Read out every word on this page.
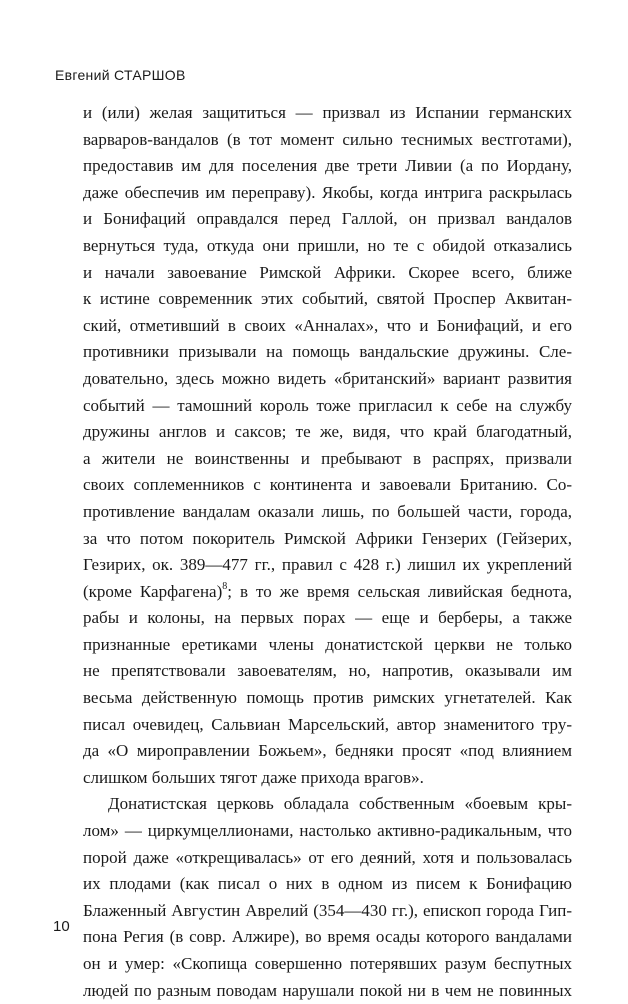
Евгений СТАРШОВ
и (или) желая защититься — призвал из Испании германских
варваров-вандалов (в тот момент сильно теснимых вестготами),
предоставив им для поселения две трети Ливии (а по Иордану,
даже обеспечив им переправу). Якобы, когда интрига раскрылась
и Бонифаций оправдался перед Галлой, он призвал вандалов
вернуться туда, откуда они пришли, но те с обидой отказались
и начали завоевание Римской Африки. Скорее всего, ближе
к истине современник этих событий, святой Проспер Аквитан-
ский, отметивший в своих «Анналах», что и Бонифаций, и его
противники призывали на помощь вандальские дружины. Сле-
довательно, здесь можно видеть «британский» вариант развития
событий — тамошний король тоже пригласил к себе на службу
дружины англов и саксов; те же, видя, что край благодатный,
а жители не воинственны и пребывают в распрях, призвали
своих соплеменников с континента и завоевали Британию. Со-
противление вандалам оказали лишь, по большей части, города,
за что потом покоритель Римской Африки Гензерих (Гейзерих,
Гезирих, ок. 389—477 гг., правил с 428 г.) лишил их укреплений
(кроме Карфагена)$^8$; в то же время сельская ливийская беднота,
рабы и колоны, на первых порах — еще и берберы, а также
признанные еретиками члены донатистской церкви не только
не препятствовали завоевателям, но, напротив, оказывали им
весьма действенную помощь против римских угнетателей. Как
писал очевидец, Сальвиан Марсельский, автор знаменитого тру-
да «О мироправлении Божьем», бедняки просят «под влиянием
слишком больших тягот даже прихода врагов».
Донатистская церковь обладала собственным «боевым кры-
лом» — циркумцеллионами, настолько активно-радикальным, что
порой даже «открещивалась» от его деяний, хотя и пользовалась
их плодами (как писал о них в одном из писем к Бонифацию
Блаженный Августин Аврелий (354—430 гг.), епископ города Гип-
пона Регия (в совр. Алжире), во время осады которого вандалами
он и умер: «Скопища совершенно потерявших разум беспутных
людей по разным поводам нарушали покой ни в чем не повинных
10
